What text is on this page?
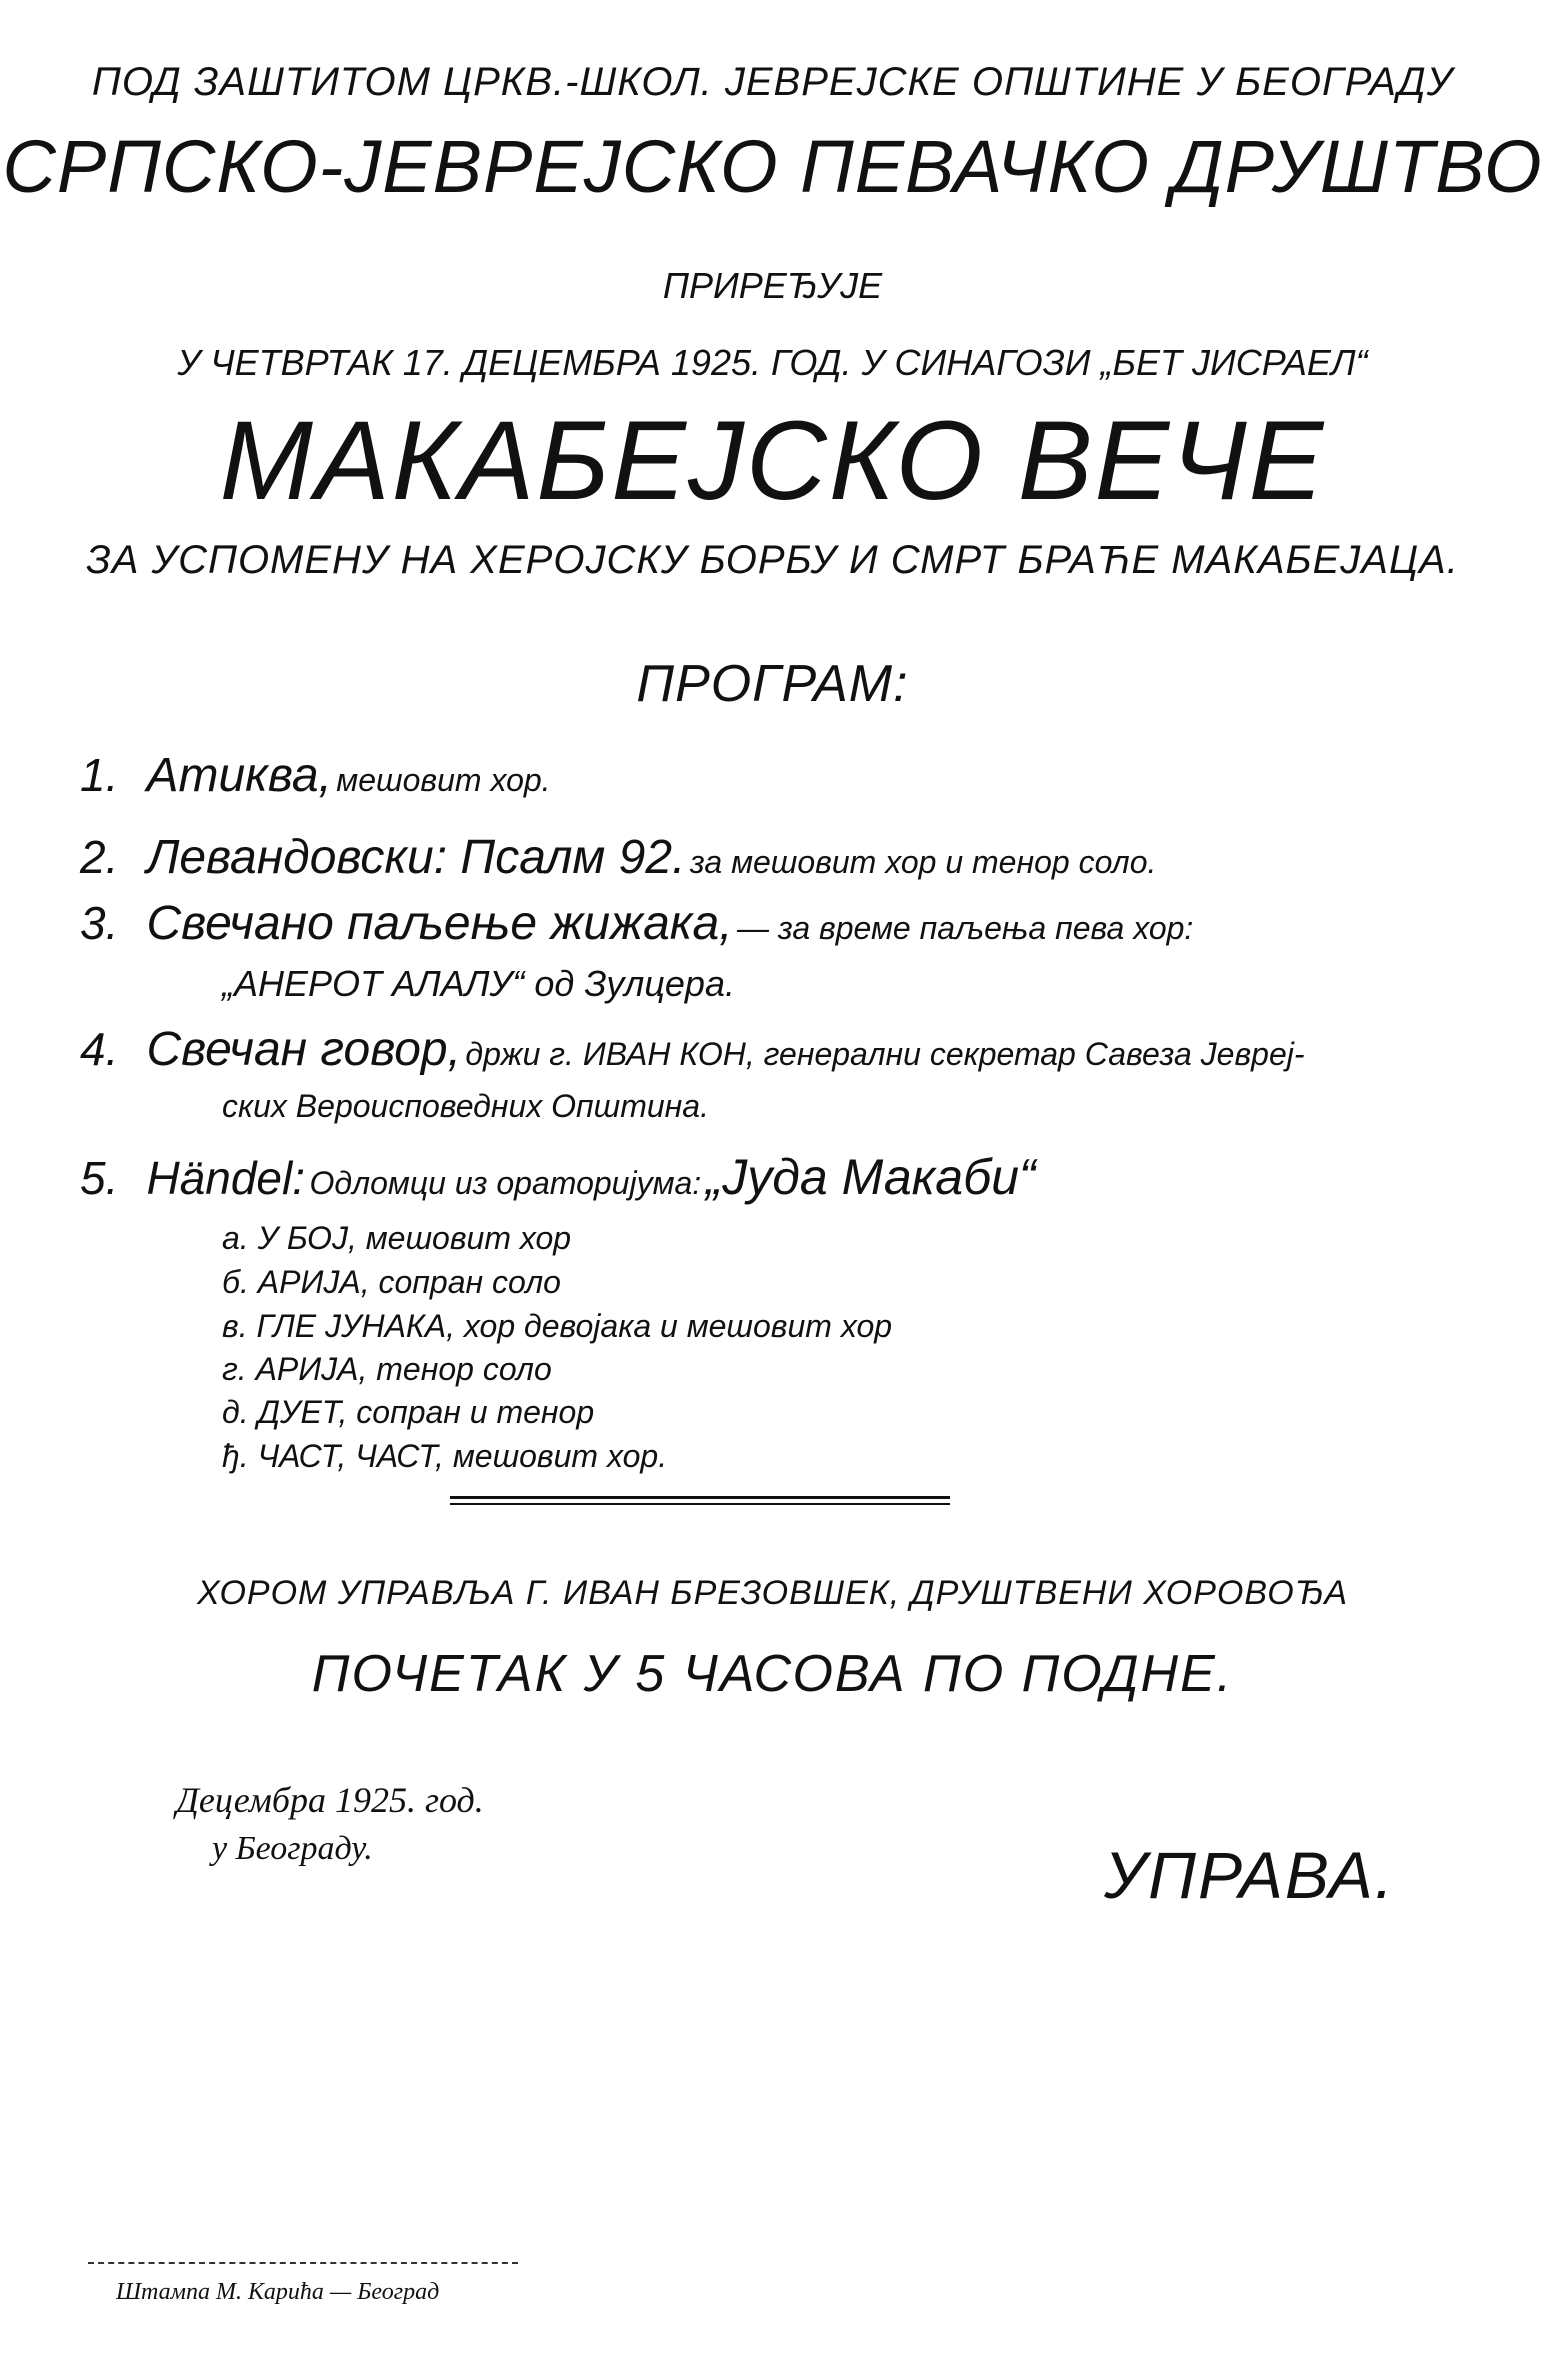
ПОД ЗАШТИТОМ ЦРКВ.-ШКОЛ. ЈЕВРЕЈСКЕ ОПШТИНЕ У БЕОГРАДУ
СРПСКО-ЈЕВРЕЈСКО ПЕВАЧКО ДРУШТВО
ПРИРЕЂУЈЕ
У ЧЕТВРТАК 17. ДЕЦЕМБРА 1925. ГОД. У СИНАГОЗИ „БЕТ ЈИСРАЕЛ“
МАКАБЕЈСКО ВЕЧЕ
ЗА УСПОМЕНУ НА ХЕРОЈСКУ БОРБУ И СМРТ БРАЋЕ МАКАБЕЈАЦА.
ПРОГРАМ:
1. Атиква, мешовит хор.
2. Левандовски: Псалм 92. за мешовит хор и тенор соло.
3. Свечано паљење жижака, — за време паљења пева хор:
„АНЕРОТ АЛАЛУ“ од Зулцера.
4. Свечан говор, држи г. ИВАН КОН, генерални секретар Савеза Јеврej-
ских Вероисповедних Општина.
5. Händel: Одломци из ораторијума: „Јуда Макаби“
а. У БОЈ, мешовит хор
б. АРИЈА, сопран соло
в. ГЛЕ ЈУНАКА, хор девојака и мешовит хор
г. АРИЈА, тенор соло
д. ДУЕТ, сопран и тенор
ђ. ЧАСТ, ЧАСТ, мешовит хор.
ХОРОМ УПРАВЉА Г. ИВАН БРЕЗОВШЕК, ДРУШТВЕНИ ХОРОВОЂА
ПОЧЕТАК У 5 ЧАСОВА ПО ПОДНЕ.
Децембра 1925. год.
у Београду.	УПРАВА.
Штампа М. Карића — Београд
